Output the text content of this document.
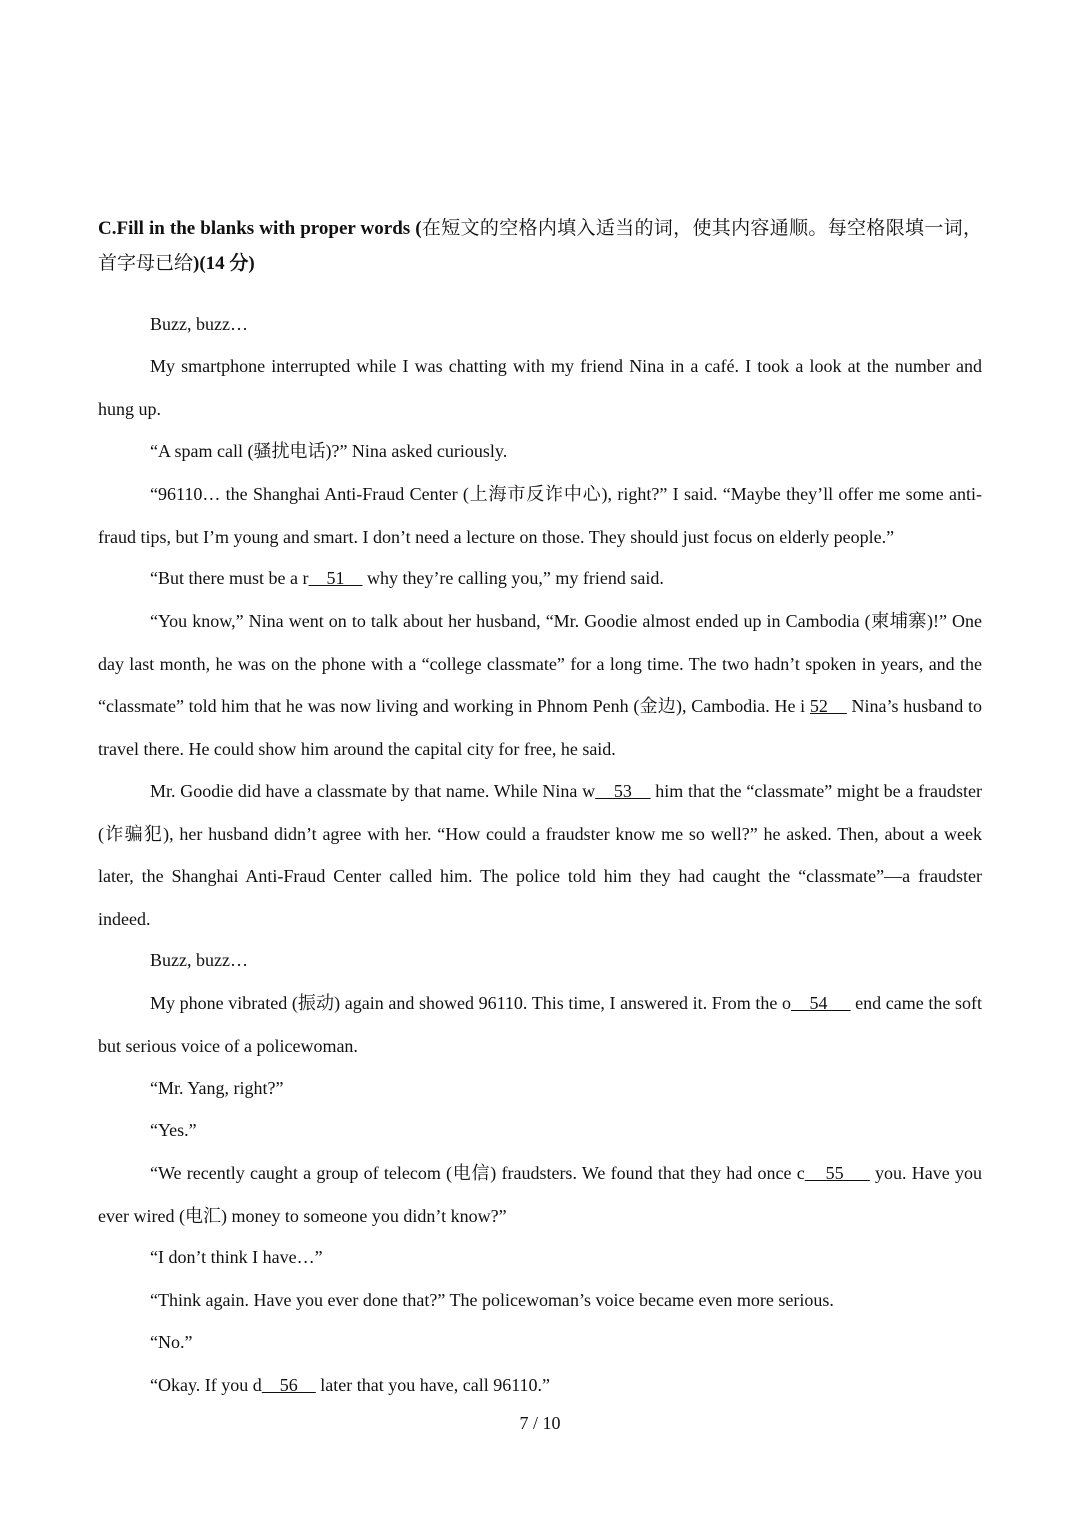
C.Fill in the blanks with proper words (在短文的空格内填入适当的词，使其内容通顺。每空格限填一词，首字母已给)(14 分)
Buzz, buzz…
My smartphone interrupted while I was chatting with my friend Nina in a café. I took a look at the number and hung up.
“A spam call (骚扰电话)?” Nina asked curiously.
“96110… the Shanghai Anti-Fraud Center (上海市反诈中心), right?” I said. “Maybe they’ll offer me some anti-fraud tips, but I’m young and smart. I don’t need a lecture on those. They should just focus on elderly people.”
“But there must be a r    51     why they’re calling you,” my friend said.
“You know,” Nina went on to talk about her husband, “Mr. Goodie almost ended up in Cambodia (柬埔寨)!” One day last month, he was on the phone with a “college classmate” for a long time. The two hadn’t spoken in years, and the “classmate” told him that he was now living and working in Phnom Penh (金边), Cambodia. He i 52     Nina’s husband to travel there. He could show him around the capital city for free, he said.
Mr. Goodie did have a classmate by that name. While Nina w    53     him that the “classmate” might be a fraudster (诈骗犯), her husband didn’t agree with her. “How could a fraudster know me so well?” he asked. Then, about a week later, the Shanghai Anti-Fraud Center called him. The police told him they had caught the “classmate”—a fraudster indeed.
Buzz, buzz…
My phone vibrated (振动) again and showed 96110. This time, I answered it. From the o    54      end came the soft but serious voice of a policewoman.
“Mr. Yang, right?”
“Yes.”
“We recently caught a group of telecom (电信) fraudsters. We found that they had once c    55      you. Have you ever wired (电汇) money to someone you didn’t know?”
“I don’t think I have…”
“Think again. Have you ever done that?” The policewoman’s voice became even more serious.
“No.”
“Okay. If you d    56     later that you have, call 96110.”
7 / 10
